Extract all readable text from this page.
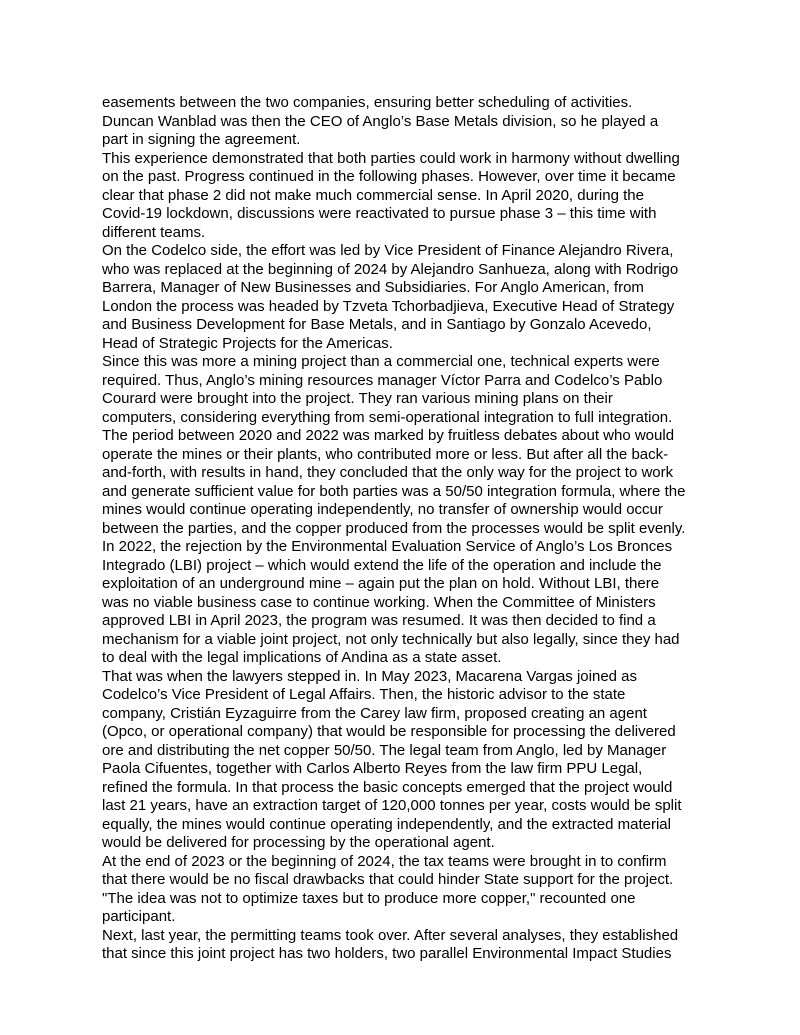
easements between the two companies, ensuring better scheduling of activities.
Duncan Wanblad was then the CEO of Anglo’s Base Metals division, so he played a
part in signing the agreement.
This experience demonstrated that both parties could work in harmony without dwelling
on the past. Progress continued in the following phases. However, over time it became
clear that phase 2 did not make much commercial sense. In April 2020, during the
Covid-19 lockdown, discussions were reactivated to pursue phase 3 – this time with
different teams.
On the Codelco side, the effort was led by Vice President of Finance Alejandro Rivera,
who was replaced at the beginning of 2024 by Alejandro Sanhueza, along with Rodrigo
Barrera, Manager of New Businesses and Subsidiaries. For Anglo American, from
London the process was headed by Tzveta Tchorbadjieva, Executive Head of Strategy
and Business Development for Base Metals, and in Santiago by Gonzalo Acevedo,
Head of Strategic Projects for the Americas.
Since this was more a mining project than a commercial one, technical experts were
required. Thus, Anglo’s mining resources manager Víctor Parra and Codelco’s Pablo
Courard were brought into the project. They ran various mining plans on their
computers, considering everything from semi-operational integration to full integration.
The period between 2020 and 2022 was marked by fruitless debates about who would
operate the mines or their plants, who contributed more or less. But after all the back-
and-forth, with results in hand, they concluded that the only way for the project to work
and generate sufficient value for both parties was a 50/50 integration formula, where the
mines would continue operating independently, no transfer of ownership would occur
between the parties, and the copper produced from the processes would be split evenly.
In 2022, the rejection by the Environmental Evaluation Service of Anglo’s Los Bronces
Integrado (LBI) project – which would extend the life of the operation and include the
exploitation of an underground mine – again put the plan on hold. Without LBI, there
was no viable business case to continue working. When the Committee of Ministers
approved LBI in April 2023, the program was resumed. It was then decided to find a
mechanism for a viable joint project, not only technically but also legally, since they had
to deal with the legal implications of Andina as a state asset.
That was when the lawyers stepped in. In May 2023, Macarena Vargas joined as
Codelco’s Vice President of Legal Affairs. Then, the historic advisor to the state
company, Cristián Eyzaguirre from the Carey law firm, proposed creating an agent
(Opco, or operational company) that would be responsible for processing the delivered
ore and distributing the net copper 50/50. The legal team from Anglo, led by Manager
Paola Cifuentes, together with Carlos Alberto Reyes from the law firm PPU Legal,
refined the formula. In that process the basic concepts emerged that the project would
last 21 years, have an extraction target of 120,000 tonnes per year, costs would be split
equally, the mines would continue operating independently, and the extracted material
would be delivered for processing by the operational agent.
At the end of 2023 or the beginning of 2024, the tax teams were brought in to confirm
that there would be no fiscal drawbacks that could hinder State support for the project.
"The idea was not to optimize taxes but to produce more copper," recounted one
participant.
Next, last year, the permitting teams took over. After several analyses, they established
that since this joint project has two holders, two parallel Environmental Impact Studies
